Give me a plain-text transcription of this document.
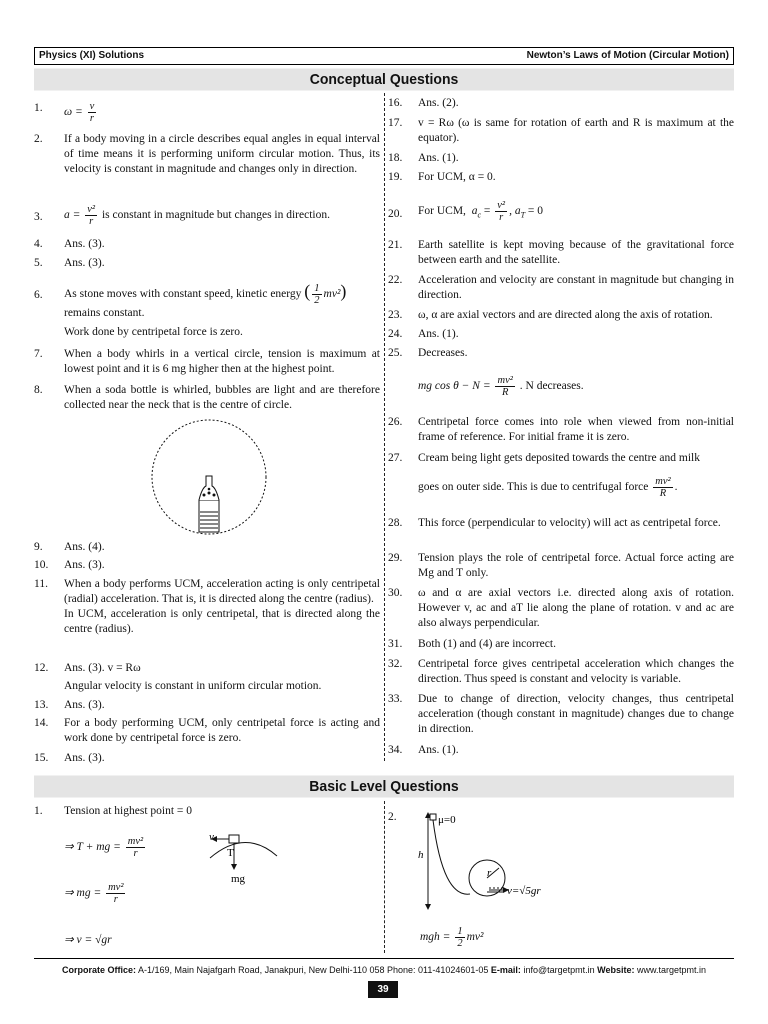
Physics (XI) Solutions	Newton’s Laws of Motion (Circular Motion)
Conceptual Questions
1.	$\omega = \frac{v}{r}$
2.	If a body moving in a circle describes equal angles in equal interval of time means it is performing uniform circular motion. Thus, its velocity is constant in magnitude and changes only in direction.
3.	$a = \frac{\text{v²}}{r}$ is constant in magnitude but changes in direction.
4.	Ans. (3).
5.	Ans. (3).
6.	As stone moves with constant speed, kinetic energy ( $\frac{1}{2} mv^2$)
remains constant.
Work done by centripetal force is zero.
7.	When a body whirls in a vertical circle, tension is maximum at lowest point and it is 6 mg higher then at the highest point.
8.	When a soda bottle is whirled, bubbles are light and are therefore collected near the neck that is the centre of circle.
9.	Ans. (4).
10.	Ans. (3).
11.	When a body performs UCM, acceleration acting is only centripetal (radial) acceleration. That is, it is directed along the centre (radius).
In UCM, acceleration is only centripetal, that is directed along the centre (radius).
12.	Ans. (3). v = Rω
Angular velocity is constant in uniform circular motion.
13.	Ans. (3).
14.	For a body performing UCM, only centripetal force is acting and work done by centripetal force is zero.
15.	Ans. (3).
16.	Ans. (2).
17.	v = Rω (ω is same for rotation of earth and R is maximum at the equator).
18.	Ans. (1).
19.	For UCM, α = 0.
20.	For UCM, $a_c = \frac{\text{v²}}{r}$ , $a_T = 0$
21.	Earth satellite is kept moving because of the gravitational force between earth and the satellite.
22.	Acceleration and velocity are constant in magnitude but changing in direction.
23.	ω, α are axial vectors and are directed along the axis of rotation.
24.	Ans. (1).
25.	Decreases.
mg $\cos \theta - N = \frac{\text{mv²}}{R}$ . N decreases.
26.	Centripetal force comes into role when viewed from non-initial frame of reference. For initial frame it is zero.
27.	Cream being light gets deposited towards the centre and milk
goes on outer side. This is due to centrifugal force $\frac{\text{mv²}}{R}$ .
28.	This force (perpendicular to velocity) will act as centripetal force.
29.	Tension plays the role of centripetal force. Actual force acting are Mg and T only.
30.	ω and α are axial vectors i.e. directed along axis of rotation. However v, ac and aT lie along the plane of rotation. v and ac are also always perpendicular.
31.	Both (1) and (4) are incorrect.
32.	Centripetal force gives centripetal acceleration which changes the direction. Thus speed is constant and velocity is variable.
33.	Due to change of direction, velocity changes, thus centripetal acceleration (though constant in magnitude) changes due to change in direction.
34.	Ans. (1).
Basic Level Questions
1.	Tension at highest point = 0
⇒ T + mg = $\frac{\text{mv²}}{r}$
⇒ mg = $\frac{\text{mv²}}{r}$
⇒ v = √gr
v
T
mg
2.	μ=0
h
r
v=√5gr
mgh = $\frac{1}{2} mv^2$
Corporate Office: A-1/169, Main Najafgarh Road, Janakpuri, New Delhi-110 058 Phone: 011-41024601-05 E-mail: info@targetpmt.in Website: www.targetpmt.in
39
